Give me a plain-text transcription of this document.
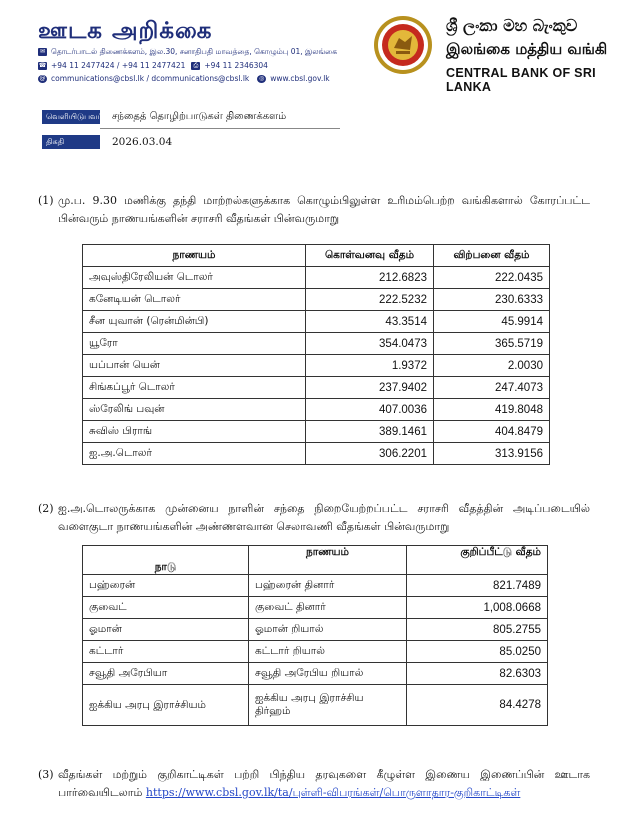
ஊடக அறிக்கை
✉ தொடர்பாடல் திணைக்களம், இல.30, சனாதிபதி மாவத்தை, கொழும்பு 01, இலங்கை
☎ +94 11 2477424 / +94 11 2477421	⎙ +94 11 2346304
@ communications@cbsl.lk / dcommunications@cbsl.lk	◎ www.cbsl.gov.lk
ශ්‍රී ලංකා මහ බැංකුව
இலங்கை மத்திய வங்கி
CENTRAL BANK OF SRI LANKA
வெளியிடுபவர் சந்தைத் தொழிற்பாடுகள் திணைக்களம்
திகதி	2026.03.04
(1) மு.ப. 9.30 மணிக்கு தந்தி மாற்றல்களுக்காக கொழும்பிலுள்ள உரிமம்பெற்ற வங்கிகளால் கோரப்பட்ட பின்வரும் நாணயங்களின் சராசரி வீதங்கள் பின்வருமாறு
நாணயம்	கொள்வனவு வீதம்	விற்பனை வீதம்
அவுஸ்திரேலியன் டொலர்	212.6823	222.0435
கனேடியன் டொலர்	222.5232	230.6333
சீன யுவான் (ரென்மின்பி)	43.3514	45.9914
யூரோ	354.0473	365.5719
யப்பான் யென்	1.9372	2.0030
சிங்கப்பூர் டொலர்	237.9402	247.4073
ஸ்ரேலிங் பவுன்	407.0036	419.8048
சுவிஸ் பிராங்	389.1461	404.8479
ஐ.அ.டொலர்	306.2201	313.9156
(2) ஐ.அ.டொலருக்காக முன்னைய நாளின் சந்தை நிறையேற்றப்பட்ட சராசரி வீதத்தின் அடிப்படையில் வளைகுடா நாணயங்களின் அண்ணளவான செலாவணி வீதங்கள் பின்வருமாறு
நாடு	நாணயம்	குறிப்பீட்டு வீதம்
பஹ்ரைன்	பஹ்ரைன் தினார்	821.7489
குவைட்	குவைட் தினார்	1,008.0668
ஓமான்	ஓமான் றியால்	805.2755
கட்டார்	கட்டார் றியால்	85.0250
சவூதி அரேபியா	சவூதி அரேபிய றியால்	82.6303
ஐக்கிய அரபு இராச்சியம்	ஐக்கிய அரபு இராச்சிய திர்ஹம்	84.4278
(3) வீதங்கள் மற்றும் குறிகாட்டிகள் பற்றி பிந்திய தரவுகளை கீழுள்ள இணைய இணைப்பின் ஊடாக பார்வையிடலாம் https://www.cbsl.gov.lk/ta/புள்ளி-விபரங்கள்/பொருளாதார-குறிகாட்டிகள்
